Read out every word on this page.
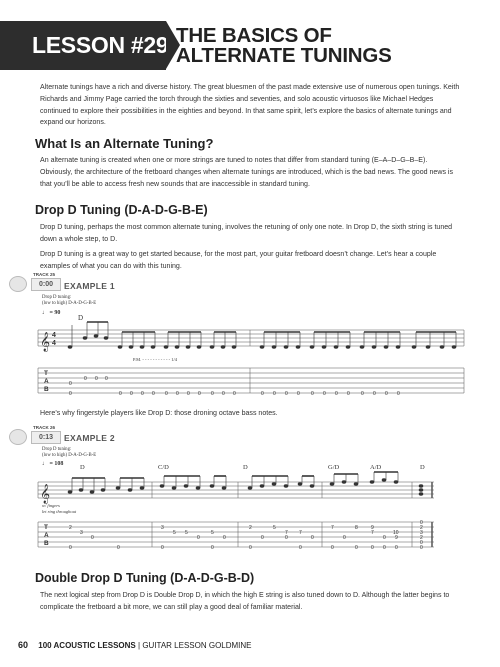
LESSON #29: THE BASICS OF
ALTERNATE TUNINGS
Alternate tunings have a rich and diverse history. The great bluesmen of the past made extensive use of numerous open tunings. Keith Richards and Jimmy Page carried the torch through the sixties and seventies, and solo acoustic virtuosos like Michael Hedges continued to explore their possibilities in the eighties and beyond. In that same spirit, let’s explore the basics of alternate tunings and expand our horizons.
What Is an Alternate Tuning?
An alternate tuning is created when one or more strings are tuned to notes that differ from standard tuning (E–A–D–G–B–E). Obviously, the architecture of the fretboard changes when alternate tunings are introduced, which is the bad news. The good news is that you’ll be able to access fresh new sounds that are inaccessible in standard tuning.
Drop D Tuning (D-A-D-G-B-E)
Drop D tuning, perhaps the most common alternate tuning, involves the retuning of only one note. In Drop D, the sixth string is tuned down a whole step, to D.
Drop D tuning is a great way to get started because, for the most part, your guitar fretboard doesn’t change. Let’s hear a couple examples of what you can do with this tuning.
TRACK 25
0:00	EXAMPLE 1
Drop D tuning:
(low to high) D-A-D-G-B-E
♩ = 90
D
P.M. - - - - - - - - - - - 1/4
𝄞 4
4
T
A
B
0
0
0 0 0
0 0 0 0 0 0 0 0 0 0 0	0 0 0 0 0 0 0 0 0 0 0 0
Here’s why fingerstyle players like Drop D: those droning octave bass notes.
TRACK 26
0:13	EXAMPLE 2
Drop D tuning:
(low to high) D-A-D-G-B-E
♩ = 108	D	C/D	D	G/D	A/D	D
w/ fingers
let ring throughout
𝄞
T
A
B
2
3
0
0	0
3
5 5
0
0
5
0
0
2
0
0
0
5
7 7
0
0
0
7
0
0
8
7
9
0
0	0
10
9
0
0
2
3
2
0
0
Double Drop D Tuning (D-A-D-G-B-D)
The next logical step from Drop D is Double Drop D, in which the high E string is also tuned down to D. Although the latter begins to complicate the fretboard a bit more, we can still play a good deal of familiar material.
60 100 ACOUSTIC LESSONS | GUITAR LESSON GOLDMINE
